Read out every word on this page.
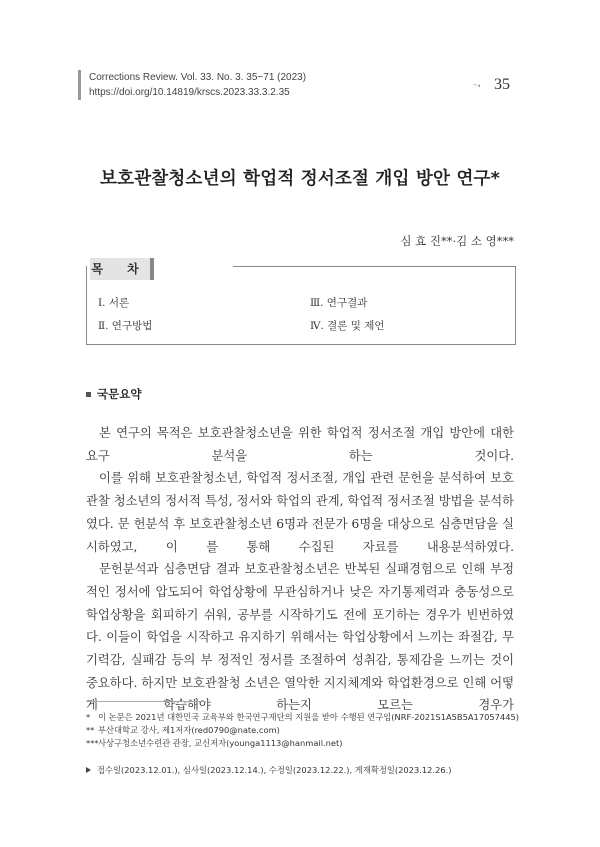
Corrections Review. Vol. 33. No. 3. 35~71 (2023)
https://doi.org/10.14819/krscs.2023.33.3.2.35
ㅜ◂ 35
보호관찰청소년의 학업적 정서조절 개입 방안 연구*
심 효 진**·김 소 영***
목 차
Ⅰ. 서론
Ⅱ. 연구방법
Ⅲ. 연구결과
Ⅳ. 결론 및 제언
국문요약

본 연구의 목적은 보호관찰청소년을 위한 학업적 정서조절 개입 방안에 대한 요구	분석을 하는 것이다.

이를 위해 보호관찰청소년, 학업적 정서조절, 개입 관련 문헌을 분석하여 보호관찰 청소년의 정서적 특성, 정서와 학업의 관계, 학업적 정서조절 방법을 분석하였다. 문 헌분석 후 보호관찰청소년 6명과 전문가 6명을 대상으로 심층면담을 실시하였고, 이 를 통해 수집된 자료를 내용분석하였다.

문헌분석과 심층면담 결과 보호관찰청소년은 반복된 실패경험으로 인해 부정적인 정서에 압도되어 학업상황에 무관심하거나 낮은 자기통제력과 충동성으로 학업상황을 회피하기 쉬워, 공부를 시작하기도 전에 포기하는 경우가 빈번하였다. 이들이 학업을 시작하고 유지하기 위해서는 학업상황에서 느끼는 좌절감, 무기력감, 실패감 등의 부 정적인 정서를 조절하여 성취감, 통제감을 느끼는 것이 중요하다. 하지만 보호관찰청 소년은 열악한 지지체계와 학업환경으로 인해 어떻게 학습해야 하는지 모르는 경우가

* 이 논문은 2021년 대한민국 교육부와 한국연구재단의 지원을 받아 수행된 연구임(NRF-2021S1A5B5A17057445)
** 부산대학교 강사, 제1저자(red0790@nate.com)
*** 사상구청소년수련관 관장, 교신저자(younga1113@hanmail.net)
접수일(2023.12.01.), 심사일(2023.12.14.), 수정일(2023.12.22.), 게재확정일(2023.12.26.)
